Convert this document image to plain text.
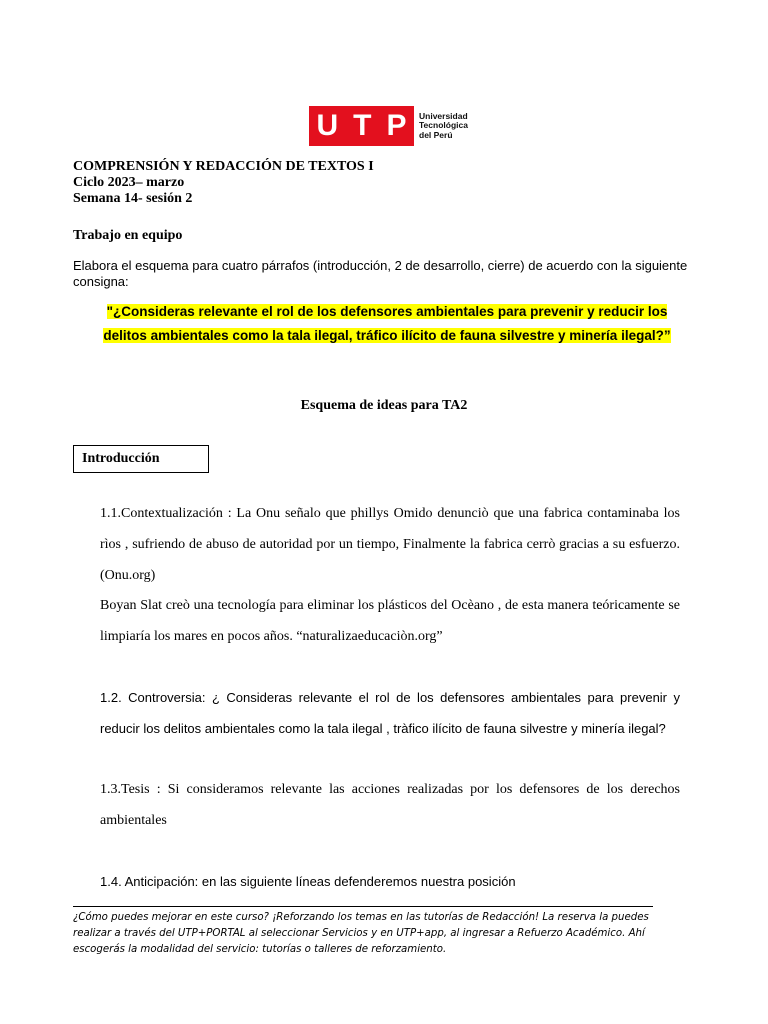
U T P Universidad
Tecnológica
del Perú
COMPRENSIÓN Y REDACCIÓN DE TEXTOS I
Ciclo 2023– marzo
Semana 14- sesión 2
Trabajo en equipo
Elabora el esquema para cuatro párrafos (introducción, 2 de desarrollo, cierre) de acuerdo con la siguiente consigna:
"¿Consideras relevante el rol de los defensores ambientales para prevenir y reducir los delitos ambientales como la tala ilegal, tráfico ilícito de fauna silvestre y minería ilegal?”
Esquema de ideas para TA2
Introducción
1.1.Contextualización : La Onu señalo que phillys Omido denunciò que una fabrica contaminaba los rìos , sufriendo de abuso de autoridad por un tiempo, Finalmente la fabrica cerrò gracias a su esfuerzo. (Onu.org)
Boyan Slat creò una tecnología para eliminar los plásticos del Ocèano , de esta manera teóricamente se limpiaría los mares en pocos años. “naturalizaeducaciòn.org”
1.2. Controversia: ¿ Consideras relevante el rol de los defensores ambientales para prevenir y reducir los delitos ambientales como la tala ilegal , tràfico ilícito de fauna silvestre y minería ilegal?
1.3.Tesis : Si consideramos relevante las acciones realizadas por los defensores de los derechos ambientales
1.4. Anticipación: en las siguiente líneas defenderemos nuestra posición
¿Cómo puedes mejorar en este curso? ¡Reforzando los temas en las tutorías de Redacción! La reserva la puedes realizar a través del UTP+PORTAL al seleccionar Servicios y en UTP+app, al ingresar a Refuerzo Académico. Ahí escogerás la modalidad del servicio: tutorías o talleres de reforzamiento.
